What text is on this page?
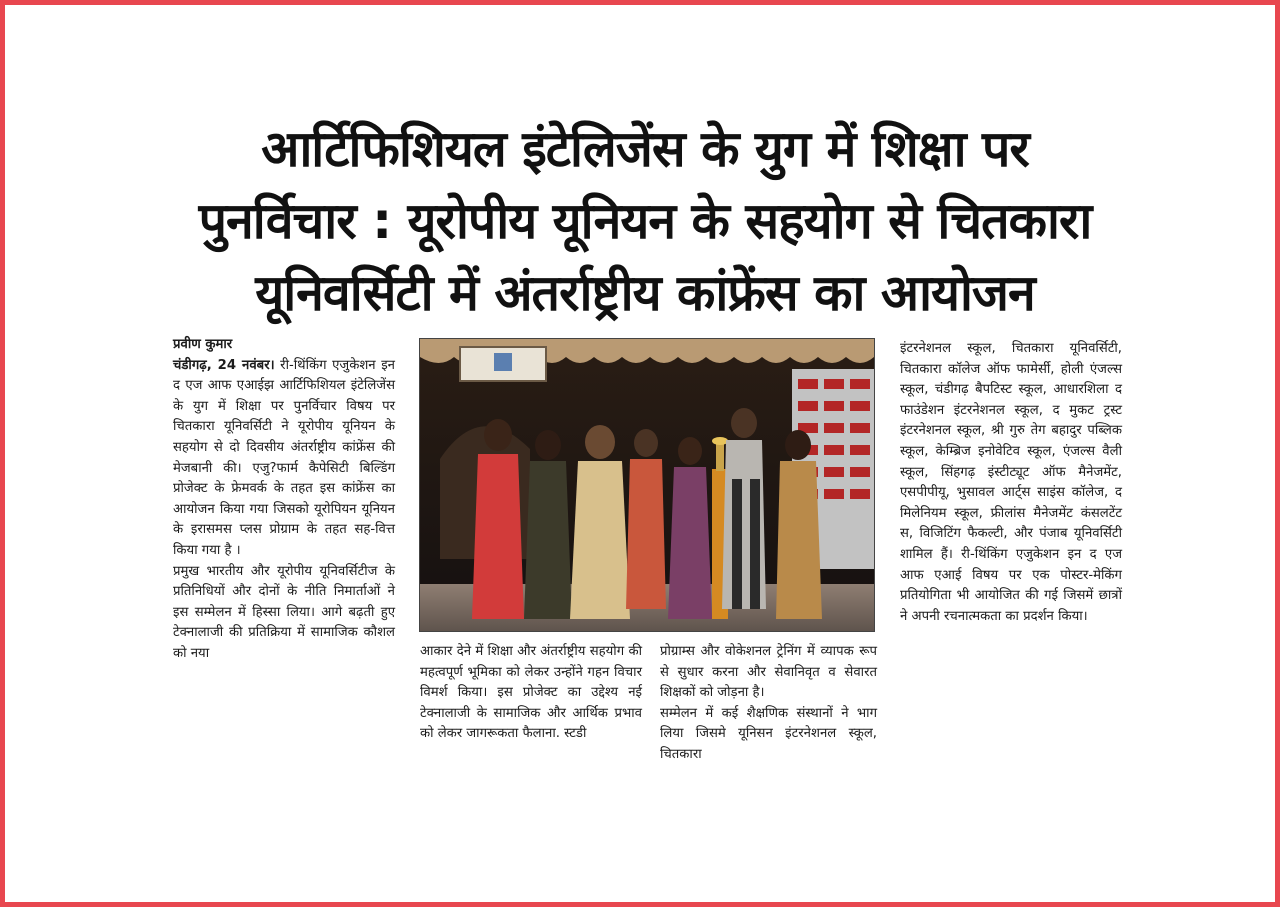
आर्टिफिशियल इंटेलिजेंस के युग में शिक्षा पर
पुनर्विचार : यूरोपीय यूनियन के सहयोग से चितकारा
यूनिवर्सिटी में अंतर्राष्ट्रीय कांफ्रेंस का आयोजन

प्रवीण कुमार
चंडीगढ़, 24 नवंबर। री-थिंकिंग एजुकेशन इन द एज आफ एआईझ आर्टिफिशियल इंटेलिजेंस के युग में शिक्षा पर पुनर्विचार विषय पर चितकारा यूनिवर्सिटी ने यूरोपीय यूनियन के सहयोग से दो दिवसीय अंतर्राष्ट्रीय कांफ्रेंस की मेजबानी की। एजु?फार्म कैपेसिटी बिल्डिंग प्रोजेक्ट के फ्रेमवर्क के तहत इस कांफ्रेंस का आयोजन किया गया जिसको यूरोपियन यूनियन के इरासमस प्लस प्रोग्राम के तहत सह-वित्त किया गया है ।

प्रमुख भारतीय और यूरोपीय यूनिवर्सिटीज के प्रतिनिधियों और दोनों के नीति निमार्ताओं ने इस सम्मेलन में हिस्सा लिया। आगे बढ़ती हुए टेक्नालाजी की प्रतिक्रिया में सामाजिक कौशल को नया	आकार देने में शिक्षा और अंतर्राष्ट्रीय सहयोग की महत्वपूर्ण भूमिका को लेकर उन्होंने गहन विचार विमर्श किया। इस प्रोजेक्ट का उद्देश्य नई टेक्नालाजी के सामाजिक और आर्थिक प्रभाव को लेकर जागरूकता फैलाना. स्टडी

प्रोग्राम्स और वोकेशनल ट्रेनिंग में व्यापक रूप से सुधार करना और सेवानिवृत व सेवारत शिक्षकों को जोड़ना है।

सम्मेलन में कई शैक्षणिक संस्थानों ने भाग लिया जिसमे यूनिसन इंटरनेशनल स्कूल, चितकारा

इंटरनेशनल स्कूल, चितकारा यूनिवर्सिटी, चितकारा कॉलेज ऑफ फामेर्सी, होली एंजल्स स्कूल, चंडीगढ़ बैपटिस्ट स्कूल, आधारशिला द फाउंडेशन इंटरनेशनल स्कूल, द मुकट ट्रस्ट इंटरनेशनल स्कूल, श्री गुरु तेग बहादुर पब्लिक स्कूल, केम्ब्रिज इनोवेटिव स्कूल, एंजल्स वैली स्कूल, सिंहगढ़ इंस्टीट्यूट ऑफ मैनेजमेंट, एसपीपीयू, भुसावल आर्ट्स साइंस कॉलेज, द मिलेनियम स्कूल, फ्रीलांस मैनेजमेंट कंसलटेंट स, विजिटिंग फैकल्टी, और पंजाब यूनिवर्सिटी शामिल हैं। री-थिंकिंग एजुकेशन इन द एज आफ एआई विषय पर एक पोस्टर-मेकिंग प्रतियोगिता भी आयोजित की गई जिसमें छात्रों ने अपनी रचनात्मकता का प्रदर्शन किया।
